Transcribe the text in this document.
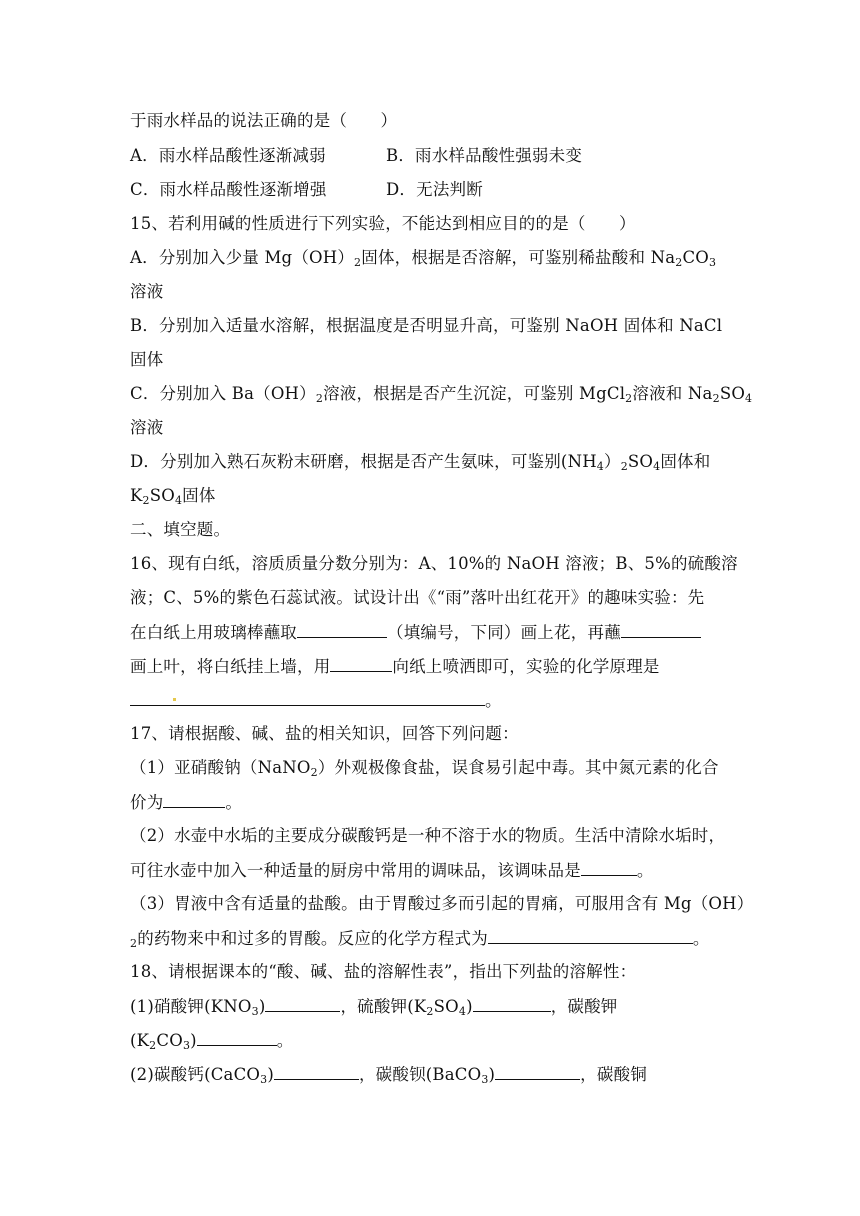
于雨水样品的说法正确的是（　　）
A．雨水样品酸性逐渐减弱	B．雨水样品酸性强弱未变
C．雨水样品酸性逐渐增强	D．无法判断
15、若利用碱的性质进行下列实验，不能达到相应目的的是（　　）
A．分别加入少量 $Mg(OH)_2$固体，根据是否溶解，可鉴别稀盐酸和 $Na_2CO_3$
溶液
B．分别加入适量水溶解，根据温度是否明显升高，可鉴别 NaOH 固体和 NaCl
固体
C．分别加入 $Ba(OH)_2$溶液，根据是否产生沉淀，可鉴别 MgCl$_2$溶液和 $Na_2SO_4$
溶液
D．分别加入熟石灰粉末研磨，根据是否产生氨味，可鉴别$(NH_4)_2SO_4$固体和
$K_2SO_4$固体
二、填空题。
16、现有白纸，溶质质量分数分别为：A、10%的 NaOH 溶液；B、5%的硫酸溶
液；C、5%的紫色石蕊试液。试设计出《“雨”落叶出红花开》的趣味实验：先
在白纸上用玻璃棒蘸取	（填编号，下同）画上花，再蘸
画上叶，将白纸挂上墙，用	向纸上喷洒即可，实验的化学原理是
。
17、请根据酸、碱、盐的相关知识，回答下列问题：
（1）亚硝酸钠（NaNO$_2$）外观极像食盐，误食易引起中毒。其中氮元素的化合
价为	。
（2）水壶中水垢的主要成分碳酸钙是一种不溶于水的物质。生活中清除水垢时，
可往水壶中加入一种适量的厨房中常用的调味品，该调味品是	。
（3）胃液中含有适量的盐酸。由于胃酸过多而引起的胃痛，可服用含有 Mg（OH）
$_2$的药物来中和过多的胃酸。反应的化学方程式为	。
18、请根据课本的“酸、碱、盐的溶解性表”，指出下列盐的溶解性：
(1)硝酸钾$(KNO_3)$	，硫酸钾$(K_2SO_4)$	，碳酸钾
$(K_2CO_3)$	。
(2)碳酸钙(CaCO$_3$)	，碳酸钡(BaCO$_3$)	，碳酸铜
